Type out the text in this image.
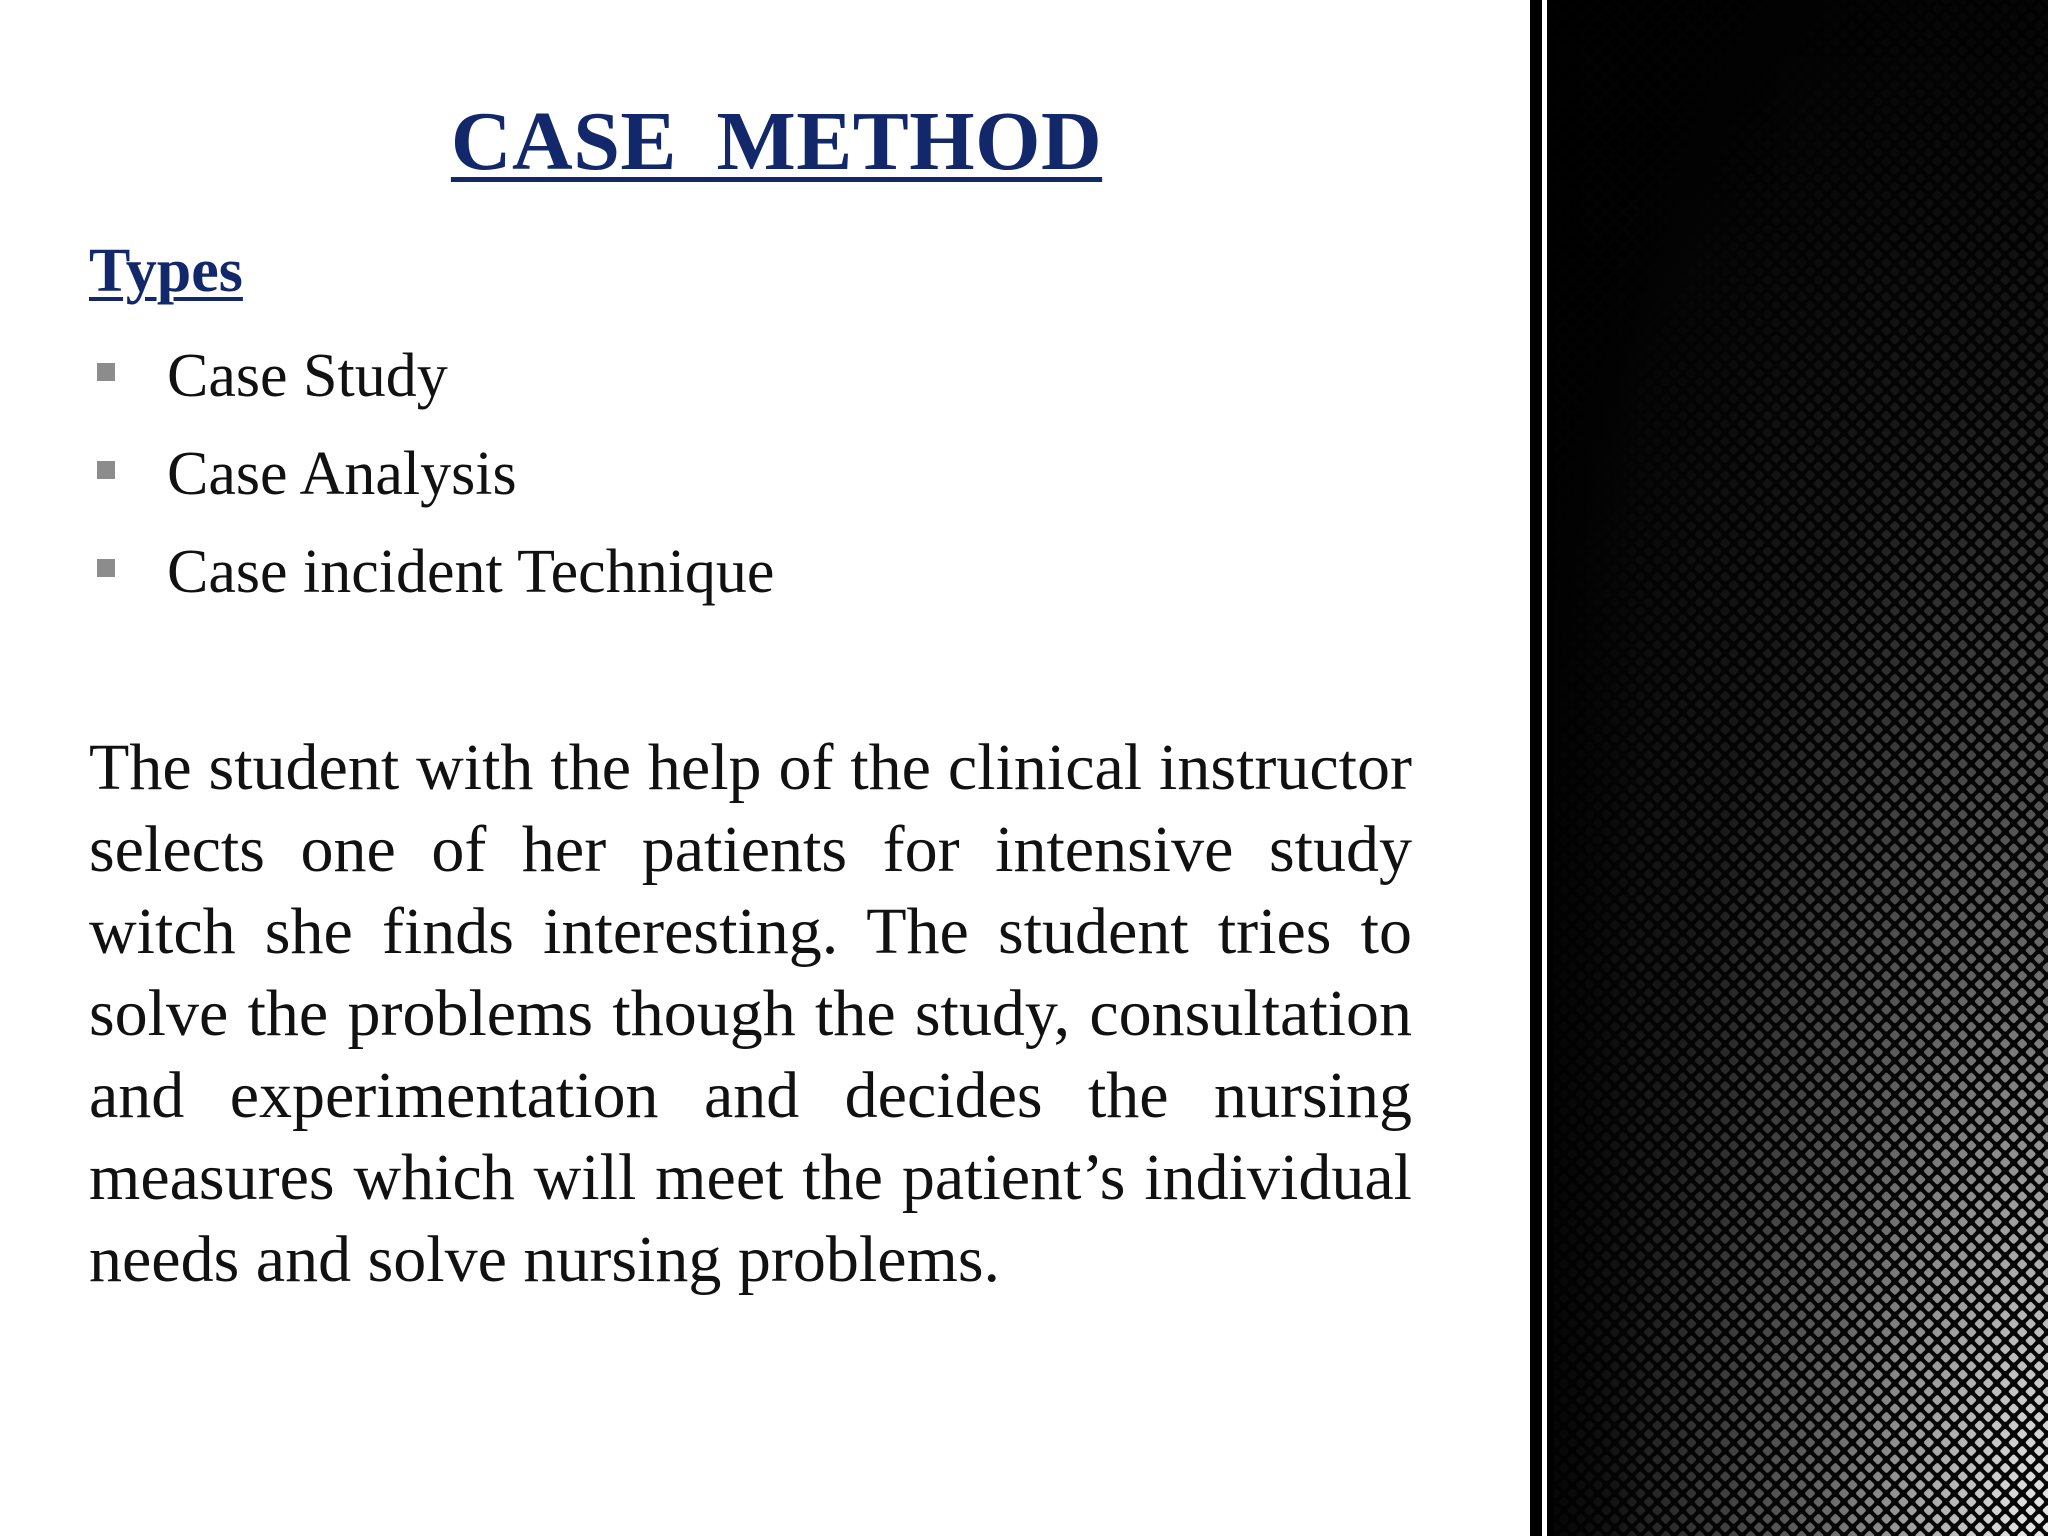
CASE METHOD
Types
Case Study
Case Analysis
Case incident Technique

The student with the help of the clinical instructor selects one of her patients for intensive study witch she finds interesting. The student tries to solve the problems though the study, consultation and experimentation and decides the nursing measures which will meet the patient’s individual needs and solve nursing problems.
